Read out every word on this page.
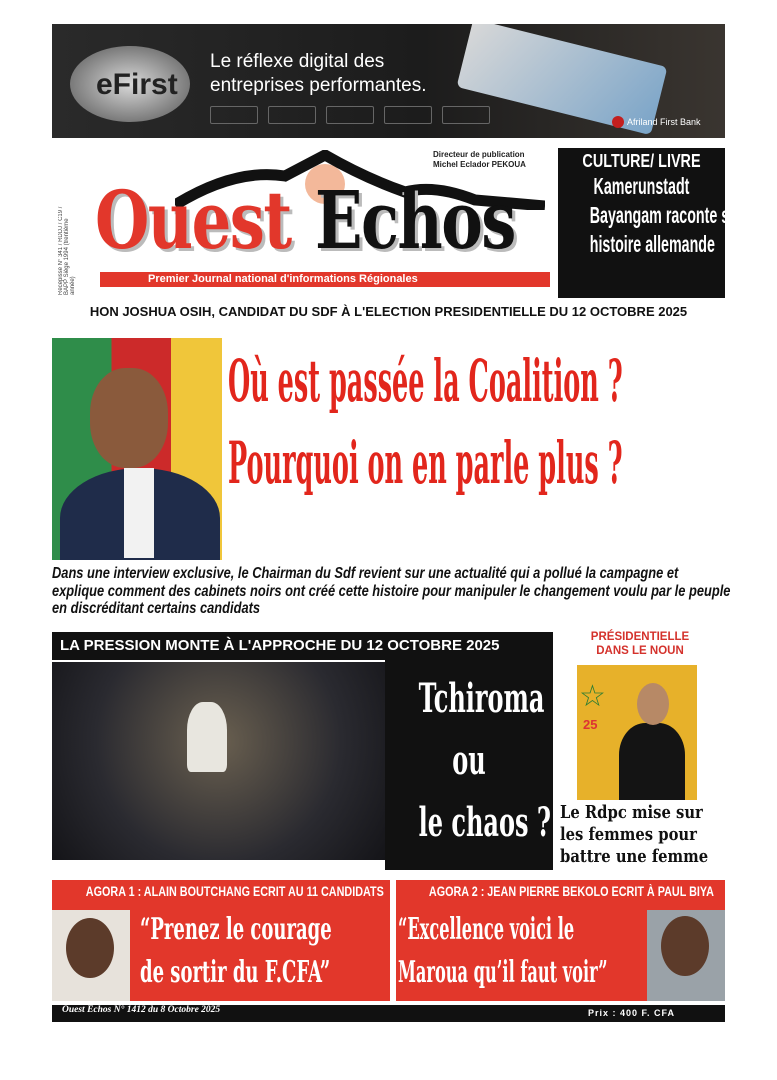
eFirst
Le réflexe digital des
entreprises performantes.
Afriland First Bank
Récépissé N° 341 / RDDJ / C19 / BAPP Siège 1994 (trentième année)
Ouest Echos
Directeur de publication
Michel Eclador PEKOUA
Premier Journal national d'informations Régionales
CULTURE/ LIVRE
Kamerunstadt
Bayangam raconte son
histoire allemande
HON JOSHUA OSIH, CANDIDAT DU SDF À L'ELECTION PRESIDENTIELLE DU 12 OCTOBRE 2025
Où est passée la Coalition ?
Pourquoi on en parle plus ?
Dans une interview exclusive, le Chairman du Sdf revient sur une actualité qui a pollué la campagne et explique comment des cabinets noirs ont créé cette histoire pour manipuler le changement voulu par le peuple en discréditant certains candidats
LA PRESSION MONTE À L'APPROCHE DU 12 OCTOBRE 2025
Tchiroma
ou
le chaos ?
PRÉSIDENTIELLE
DANS LE NOUN
☆
25
Le Rdpc mise sur
les femmes pour
battre une femme
AGORA 1 : ALAIN BOUTCHANG ECRIT AU 11 CANDIDATS
“Prenez le courage
de sortir du F.CFA”
AGORA 2 : JEAN PIERRE BEKOLO ECRIT À PAUL BIYA
“Excellence voici le
Maroua qu’il faut voir”
Ouest Echos N° 1412 du 8 Octobre 2025	Prix : 400 F. CFA
